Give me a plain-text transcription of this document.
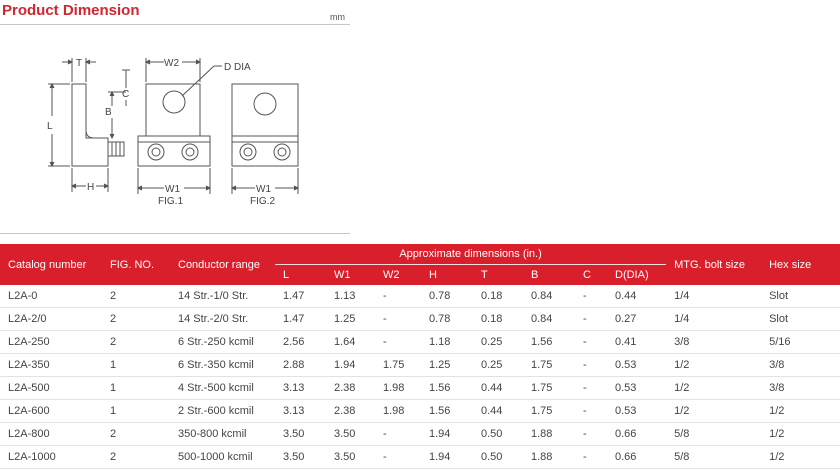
Product Dimension	mm
T
L
B
C
H
W2	D DIA
W1
FIG.1
W1
FIG.2
Catalog number	FIG. NO.	Conductor range	Approximate dimensions (in.)								MTG. bolt size	Hex size
			L	W1	W2	H	T	B	C	D(DIA)		
L2A-0	2	14 Str.-1/0 Str.	1.47	1.13	-	0.78	0.18	0.84	-	0.44	1/4	Slot
L2A-2/0	2	14 Str.-2/0 Str.	1.47	1.25	-	0.78	0.18	0.84	-	0.27	1/4	Slot
L2A-250	2	6 Str.-250 kcmil	2.56	1.64	-	1.18	0.25	1.56	-	0.41	3/8	5/16
L2A-350	1	6 Str.-350 kcmil	2.88	1.94	1.75	1.25	0.25	1.75	-	0.53	1/2	3/8
L2A-500	1	4 Str.-500 kcmil	3.13	2.38	1.98	1.56	0.44	1.75	-	0.53	1/2	3/8
L2A-600	1	2 Str.-600 kcmil	3.13	2.38	1.98	1.56	0.44	1.75	-	0.53	1/2	1/2
L2A-800	2	350-800 kcmil	3.50	3.50	-	1.94	0.50	1.88	-	0.66	5/8	1/2
L2A-1000	2	500-1000 kcmil	3.50	3.50	-	1.94	0.50	1.88	-	0.66	5/8	1/2
